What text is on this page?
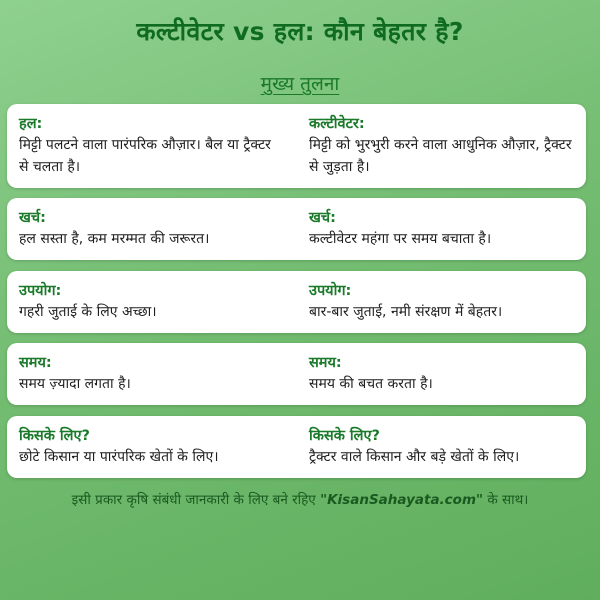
कल्टीवेटर vs हल: कौन बेहतर है?
मुख्य तुलना

हल:

मिट्टी पलटने वाला पारंपरिक औज़ार। बैल या ट्रैक्टर से चलता है।

कल्टीवेटर:

मिट्टी को भुरभुरी करने वाला आधुनिक औज़ार, ट्रैक्टर से जुड़ता है।

खर्च:

हल सस्ता है, कम मरम्मत की जरूरत।

खर्च:

कल्टीवेटर महंगा पर समय बचाता है।

उपयोग:

गहरी जुताई के लिए अच्छा।

उपयोग:

बार-बार जुताई, नमी संरक्षण में बेहतर।

समय:

समय ज़्यादा लगता है।

समय:

समय की बचत करता है।

किसके लिए?

छोटे किसान या पारंपरिक खेतों के लिए।

किसके लिए?

ट्रैक्टर वाले किसान और बड़े खेतों के लिए।

इसी प्रकार कृषि संबंधी जानकारी के लिए बने रहिए "KisanSahayata.com" के साथ।
